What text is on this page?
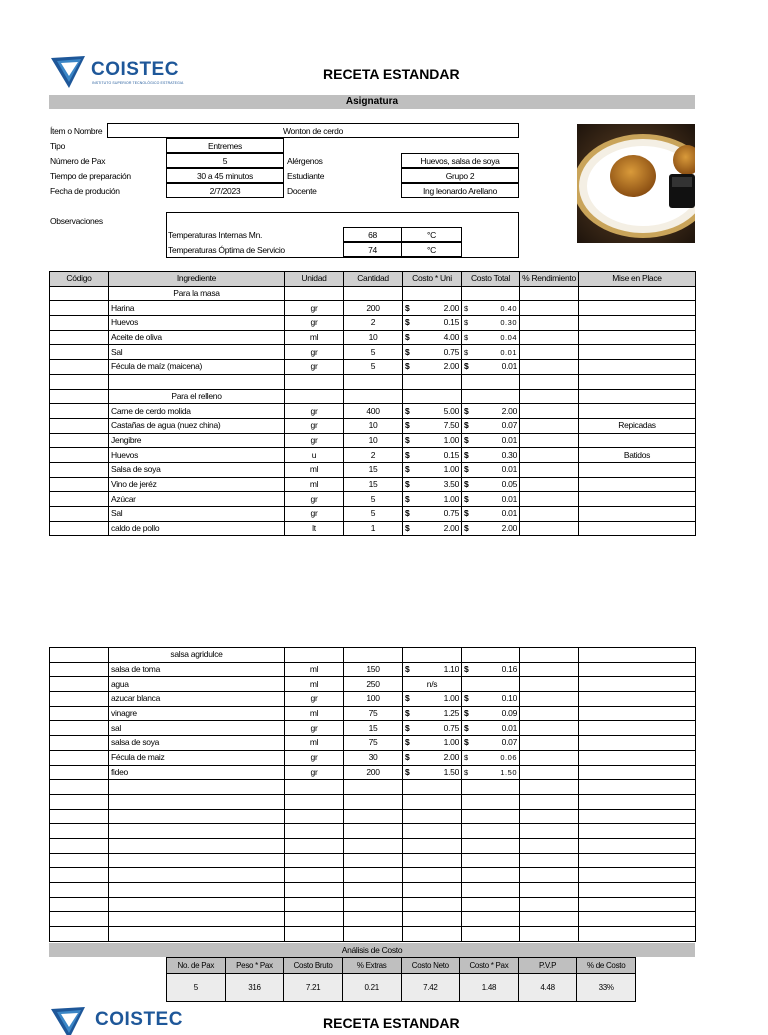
COISTEC
INSTITUTO SUPERIOR TECNOLÓGICO ESTRATEGIA
RECETA ESTANDAR
Asignatura
Ítem o Nombre	Wonton de cerdo
Tipo	Entremes
Número de Pax	5
Tiempo de preparación	30 a 45 minutos
Fecha de produción	2/7/2023
Alérgenos	Huevos, salsa de soya
Estudiante	Grupo 2
Docente	Ing leonardo Arellano
Observaciones
Temperaturas Internas Mn.	68	°C
Temperaturas Óptima de Servicio	74	°C
Código	Ingrediente	Unidad	Cantidad	Costo * Uni	Costo Total	% Rendimiento	Mise en Place
	Para la masa						
	Harina	gr	200	$ 2.00	$ 0.40		

	Huevos	gr	2	$ 0.15	$ 0.30		

	Aceite de oliva	ml	10	$ 4.00	$ 0.04		

	Sal	gr	5	$ 0.75	$ 0.01		

	Fécula de maíz (maicena)	gr	5	$ 2.00	$ 0.01		

	Para el relleno						
	Carne de cerdo molida	gr	400	$ 5.00	$ 2.00		

	Castañas de agua (nuez china)	gr	10	$ 7.50	$ 0.07		Repicadas
	Jengibre	gr	10	$ 1.00	$ 0.01		

	Huevos	u	2	$ 0.15	$ 0.30		Batidos
	Salsa de soya	ml	15	$ 1.00	$ 0.01		

	Vino de jeréz	ml	15	$ 3.50	$ 0.05		

	Azúcar	gr	5	$ 1.00	$ 0.01		

	Sal	gr	5	$ 0.75	$ 0.01		

	caldo de pollo	lt	1	$ 2.00	$ 2.00		

	salsa agridulce						
	salsa de toma	ml	150	$ 1.10	$ 0.16		

	agua	ml	250	n/s			
	azucar blanca	gr	100	$ 1.00	$ 0.10		

	vinagre	ml	75	$ 1.25	$ 0.09		

	sal	gr	15	$ 0.75	$ 0.01		

	salsa de soya	ml	75	$ 1.00	$ 0.07		

	Fécula de maiz	gr	30	$ 2.00	$ 0.06		

	fideo	gr	200	$ 1.50	$ 1.50		

Análisis de Costo
No. de Pax	Peso * Pax	Costo Bruto	% Extras	Costo Neto	Costo * Pax	P.V.P	% de Costo
5	316	7.21	0.21	7.42	1.48	4.48	33%
COISTEC	RECETA ESTANDAR
